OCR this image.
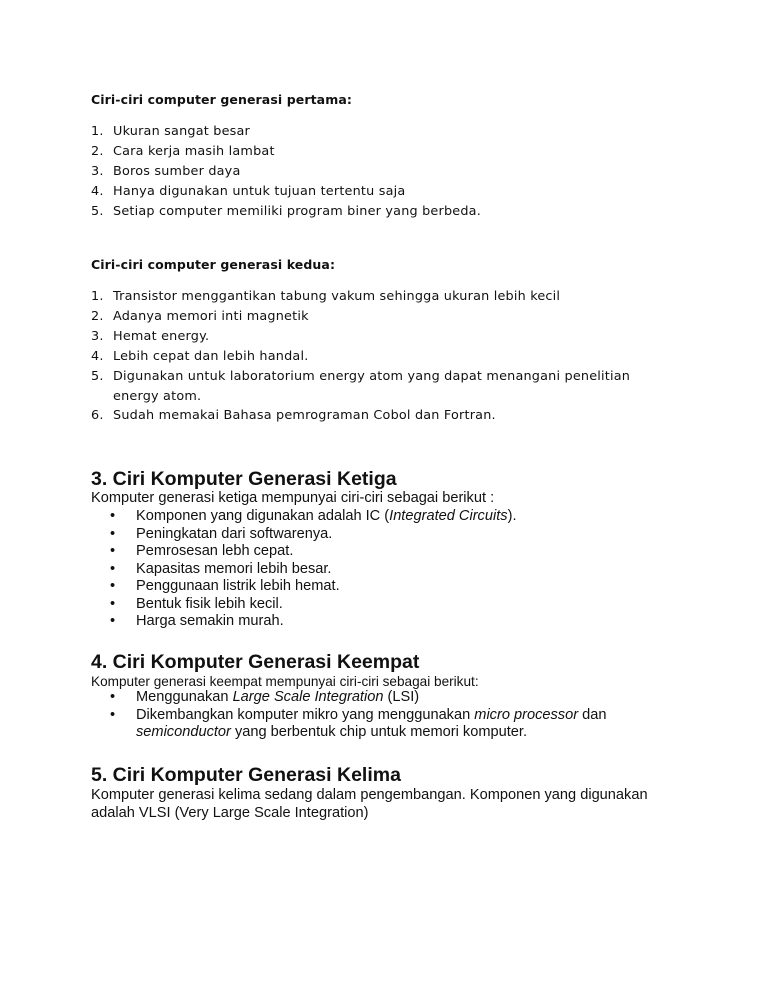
Ciri-ciri computer generasi pertama:
1. Ukuran sangat besar
2. Cara kerja masih lambat
3. Boros sumber daya
4. Hanya digunakan untuk tujuan tertentu saja
5. Setiap computer memiliki program biner yang berbeda.
Ciri-ciri computer generasi kedua:
1. Transistor menggantikan tabung vakum sehingga ukuran lebih kecil
2. Adanya memori inti magnetik
3. Hemat energy.
4. Lebih cepat dan lebih handal.
5. Digunakan untuk laboratorium energy atom yang dapat menangani penelitian energy atom.
6. Sudah memakai Bahasa pemrograman Cobol dan Fortran.
3. Ciri Komputer Generasi Ketiga

Komputer generasi ketiga mempunyai ciri-ciri sebagai berikut :

• Komponen yang digunakan adalah IC (Integrated Circuits).
• Peningkatan dari softwarenya.
• Pemrosesan lebh cepat.
• Kapasitas memori lebih besar.
• Penggunaan listrik lebih hemat.
• Bentuk fisik lebih kecil.
• Harga semakin murah.
4. Ciri Komputer Generasi Keempat

Komputer generasi keempat mempunyai ciri-ciri sebagai berikut:

• Menggunakan Large Scale Integration (LSI)
• Dikembangkan komputer mikro yang menggunakan micro processor dan semiconductor yang berbentuk chip untuk memori komputer.
5. Ciri Komputer Generasi Kelima

Komputer generasi kelima sedang dalam pengembangan. Komponen yang digunakan adalah VLSI (Very Large Scale Integration)
